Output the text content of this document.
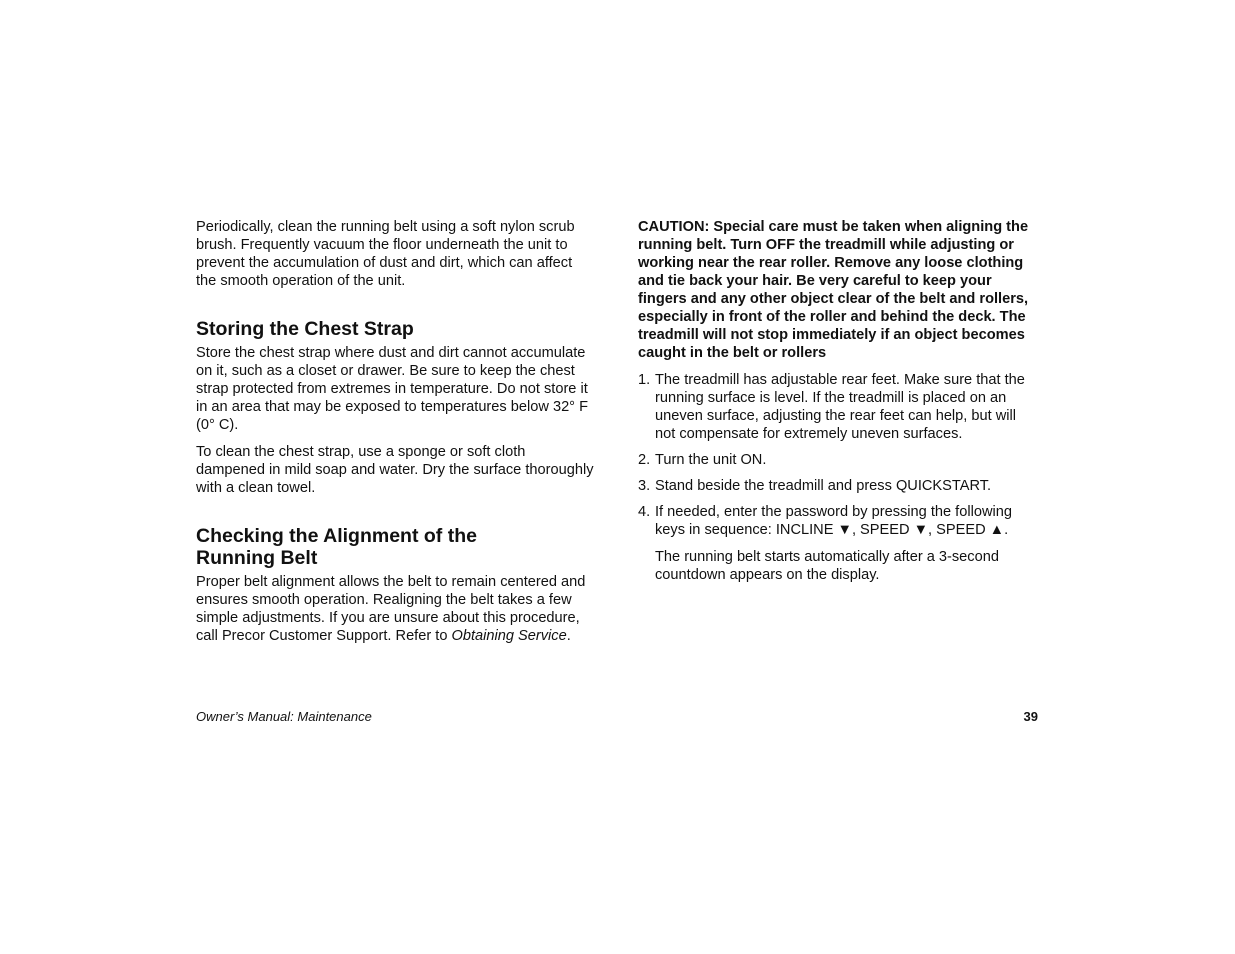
Periodically, clean the running belt using a soft nylon scrub brush. Frequently vacuum the floor underneath the unit to prevent the accumulation of dust and dirt, which can affect the smooth operation of the unit.

Storing the Chest Strap

Store the chest strap where dust and dirt cannot accumulate on it, such as a closet or drawer. Be sure to keep the chest strap protected from extremes in temperature. Do not store it in an area that may be exposed to temperatures below 32° F (0° C).

To clean the chest strap, use a sponge or soft cloth dampened in mild soap and water. Dry the surface thoroughly with a clean towel.

Checking the Alignment of the
Running Belt

Proper belt alignment allows the belt to remain centered and ensures smooth operation. Realigning the belt takes a few simple adjustments. If you are unsure about this procedure, call Precor Customer Support. Refer to Obtaining Service.

CAUTION: Special care must be taken when aligning the running belt. Turn OFF the treadmill while adjusting or working near the rear roller. Remove any loose clothing and tie back your hair. Be very careful to keep your fingers and any other object clear of the belt and rollers, especially in front of the roller and behind the deck. The treadmill will not stop immediately if an object becomes caught in the belt or rollers

1. The treadmill has adjustable rear feet. Make sure that the running surface is level. If the treadmill is placed on an uneven surface, adjusting the rear feet can help, but will not compensate for extremely uneven surfaces.
2. Turn the unit ON.
3. Stand beside the treadmill and press QUICKSTART.
4. If needed, enter the password by pressing the following keys in sequence: INCLINE ▼, SPEED ▼, SPEED ▲.

The running belt starts automatically after a 3-second countdown appears on the display.

Owner’s Manual: Maintenance	39
